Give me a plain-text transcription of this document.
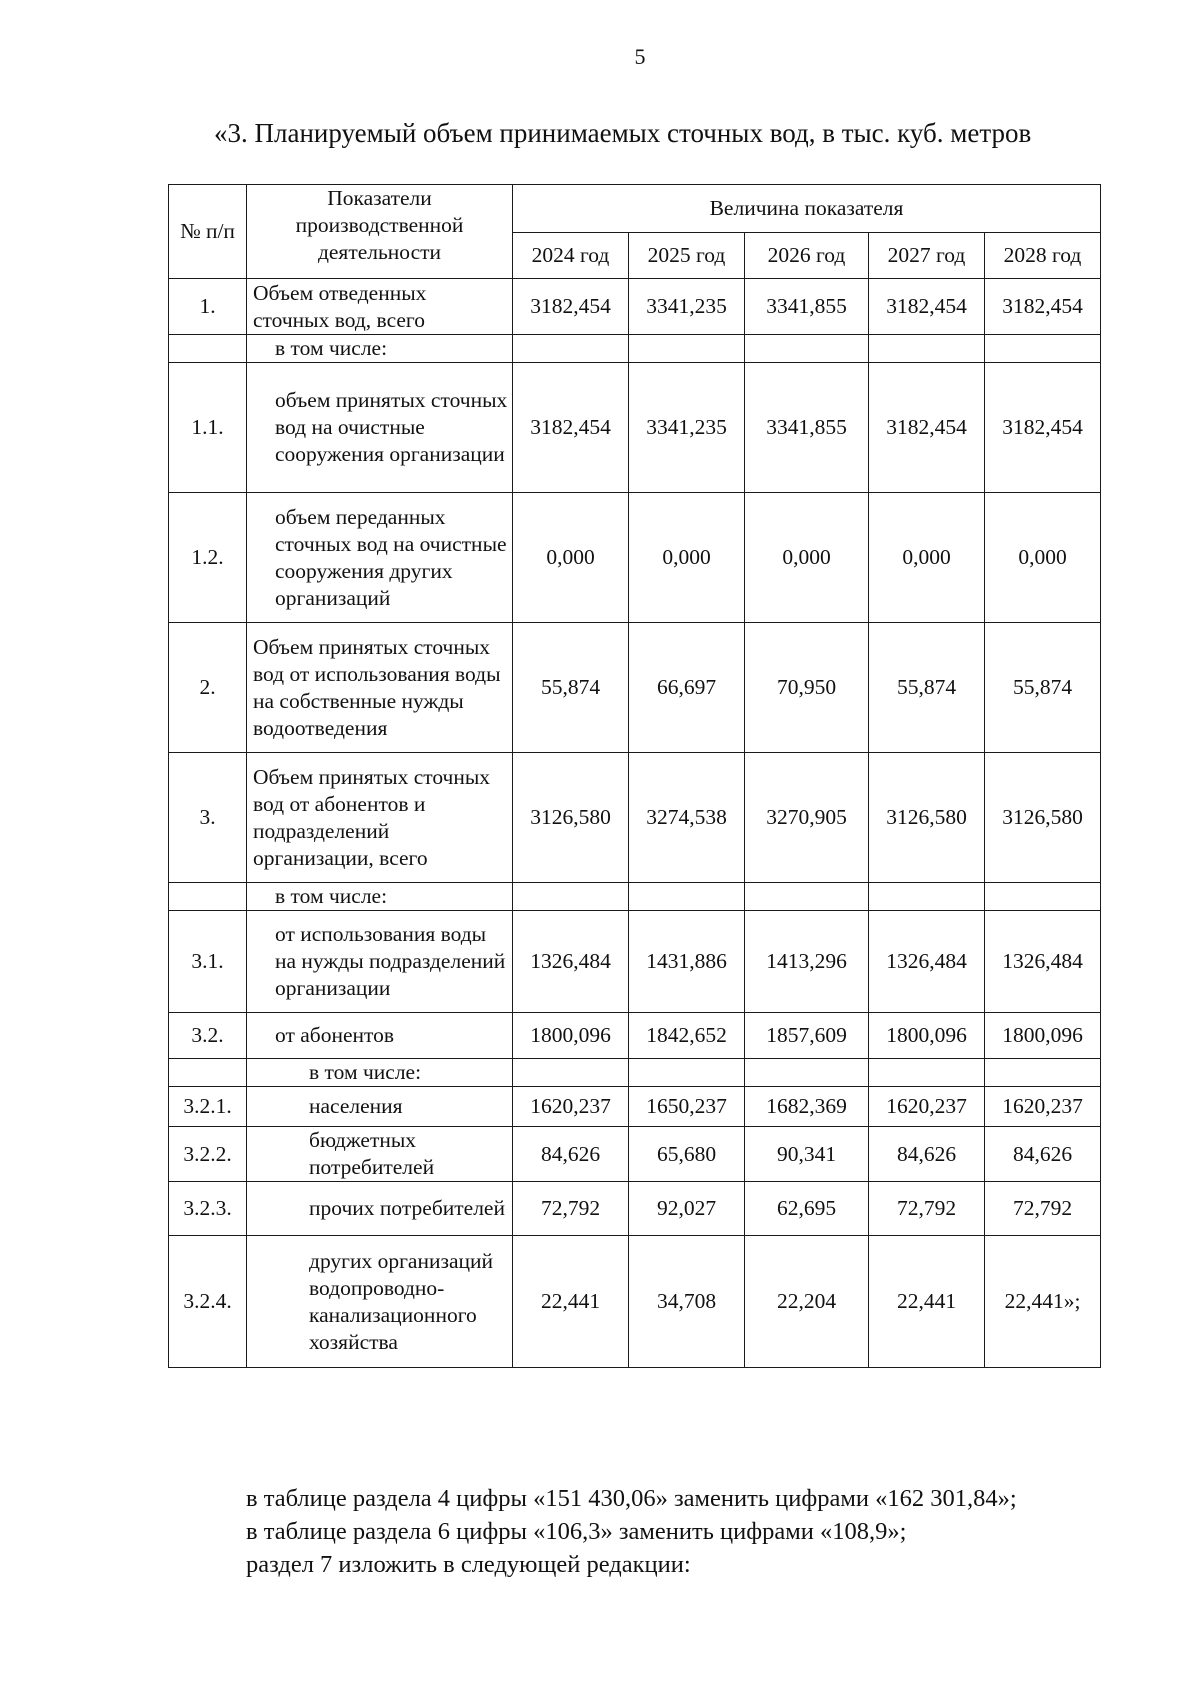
5
«3. Планируемый объем принимаемых сточных вод, в тыс. куб. метров
№ п/п	Показатели производственной деятельности	Величина показателя				
		2024 год	2025 год	2026 год	2027 год	2028 год
1.	Объем отведенных сточных вод, всего	3182,454	3341,235	3341,855	3182,454	3182,454
	в том числе:					
1.1.	объем принятых сточных вод на очистные сооружения организации	3182,454	3341,235	3341,855	3182,454	3182,454
1.2.	объем переданных сточных вод на очистные сооружения других организаций	0,000	0,000	0,000	0,000	0,000
2.	Объем принятых сточных вод от использования воды на собственные нужды водоотведения	55,874	66,697	70,950	55,874	55,874
3.	Объем принятых сточных вод от абонентов и подразделений организации, всего	3126,580	3274,538	3270,905	3126,580	3126,580
	в том числе:					
3.1.	от использования воды на нужды подразделений организации	1326,484	1431,886	1413,296	1326,484	1326,484
3.2.	от абонентов	1800,096	1842,652	1857,609	1800,096	1800,096
	в том числе:					
3.2.1.	населения	1620,237	1650,237	1682,369	1620,237	1620,237
3.2.2.	бюджетных потребителей	84,626	65,680	90,341	84,626	84,626
3.2.3.	прочих потребителей	72,792	92,027	62,695	72,792	72,792
3.2.4.	других организаций водопроводно-канализационного хозяйства	22,441	34,708	22,204	22,441	22,441»;

в таблице раздела 4 цифры «151 430,06» заменить цифрами «162 301,84»;

в таблице раздела 6 цифры «106,3» заменить цифрами «108,9»;

раздел 7 изложить в следующей редакции:
